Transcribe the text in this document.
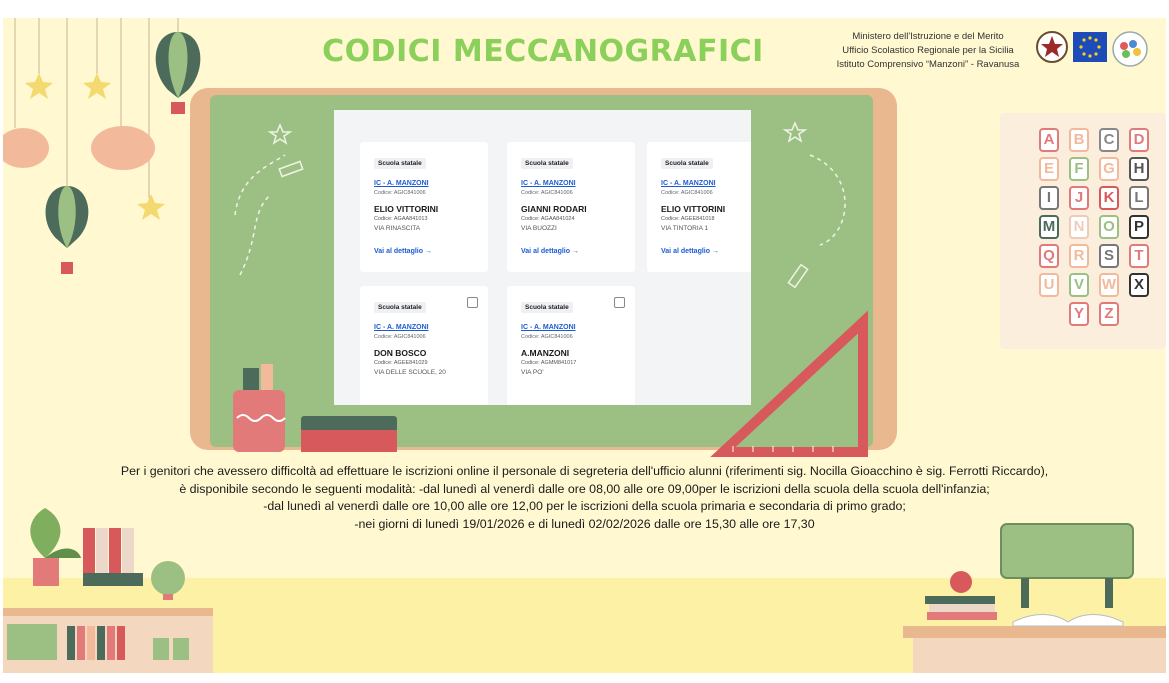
CODICI MECCANOGRAFICI	Ministero dell'Istruzione e del Merito
Ufficio Scolastico Regionale per la Sicilia
Istituto Comprensivo “Manzoni” - Ravanusa
Scuola statale
IC - A. MANZONI
Codice: AGIC841006
ELIO VITTORINI
Codice: AGAA841013
VIA RINASCITA
Vai al dettaglio →
Scuola statale
IC - A. MANZONI
Codice: AGIC841006
GIANNI RODARI
Codice: AGAA841024
VIA BUOZZI
Vai al dettaglio →
Scuola statale
IC - A. MANZONI
Codice: AGIC841006
ELIO VITTORINI
Codice: AGEE841018
VIA TINTORIA 1
Vai al dettaglio →
Scuola statale
IC - A. MANZONI
Codice: AGIC841006
DON BOSCO
Codice: AGEE841029
VIA DELLE SCUOLE, 20
Scuola statale
IC - A. MANZONI
Codice: AGIC841006
A.MANZONI
Codice: AGMM841017
VIA PO'
A	B	C	D
E	F	G	H
I	J	K	L
M	N	O	P
Q	R	S	T
U	V	W	X
Y	Z
Per i genitori che avessero difficoltà ad effettuare le iscrizioni online il personale di segreteria dell'ufficio alunni (riferimenti sig. Nocilla Gioacchino è sig. Ferrotti Riccardo),
è disponibile secondo le seguenti modalità: -dal lunedì al venerdì dalle ore 08,00 alle ore 09,00per le iscrizioni della scuola della scuola dell'infanzia;
-dal lunedì al venerdì dalle ore 10,00 alle ore 12,00 per le iscrizioni della scuola primaria e secondaria di primo grado;
-nei giorni di lunedì 19/01/2026 e di lunedì 02/02/2026 dalle ore 15,30 alle ore 17,30
